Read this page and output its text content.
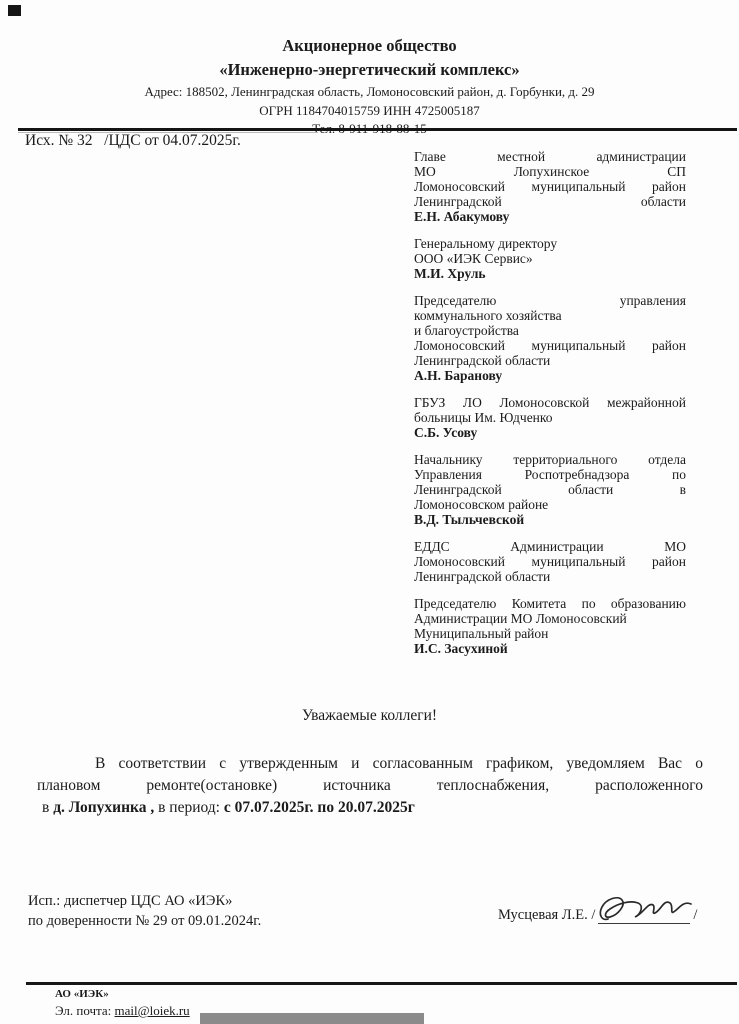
Акционерное общество
«Инженерно-энергетический комплекс»
Адрес: 188502, Ленинградская область, Ломоносовский район, д. Горбунки, д. 29
ОГРН 1184704015759 ИНН 4725005187
Исх. № 32   /ЦДС от 04.07.2025г.

Главе местной администрации
МО Лопухинское СП
Ломоносовский муниципальный район
Ленинградской области
Е.Н. Абакумову

Генеральному директору
ООО «ИЭК Сервис»
М.И. Хруль

Председателю управления
коммунального хозяйства
и благоустройства
Ломоносовский муниципальный район
Ленинградской области
А.Н. Баранову

ГБУЗ ЛО Ломоносовской межрайонной
больницы Им. Юдченко
С.Б. Усову

Начальнику территориального отдела
Управления Роспотребнадзора по
Ленинградской области в
Ломоносовском районе
В.Д. Тыльчевской

ЕДДС Администрации МО
Ломоносовский муниципальный район
Ленинградской области

Председателю Комитета по образованию
Администрации МО Ломоносовский
Муниципальный район
И.С. Засухиной

Уважаемые коллеги!
В соответствии с утвержденным и согласованным графиком, уведомляем Вас о
плановом ремонте(остановке) источника теплоснабжения, расположенного
в д. Лопухинка , в период: с 07.07.2025г. по 20.07.2025г
Исп.: диспетчер ЦДС АО «ИЭК»
по доверенности № 29 от 09.01.2024г.	Мусцевая Л.Е. /	/
АО «ИЭК»
Эл. почта: mail@loiek.ru
